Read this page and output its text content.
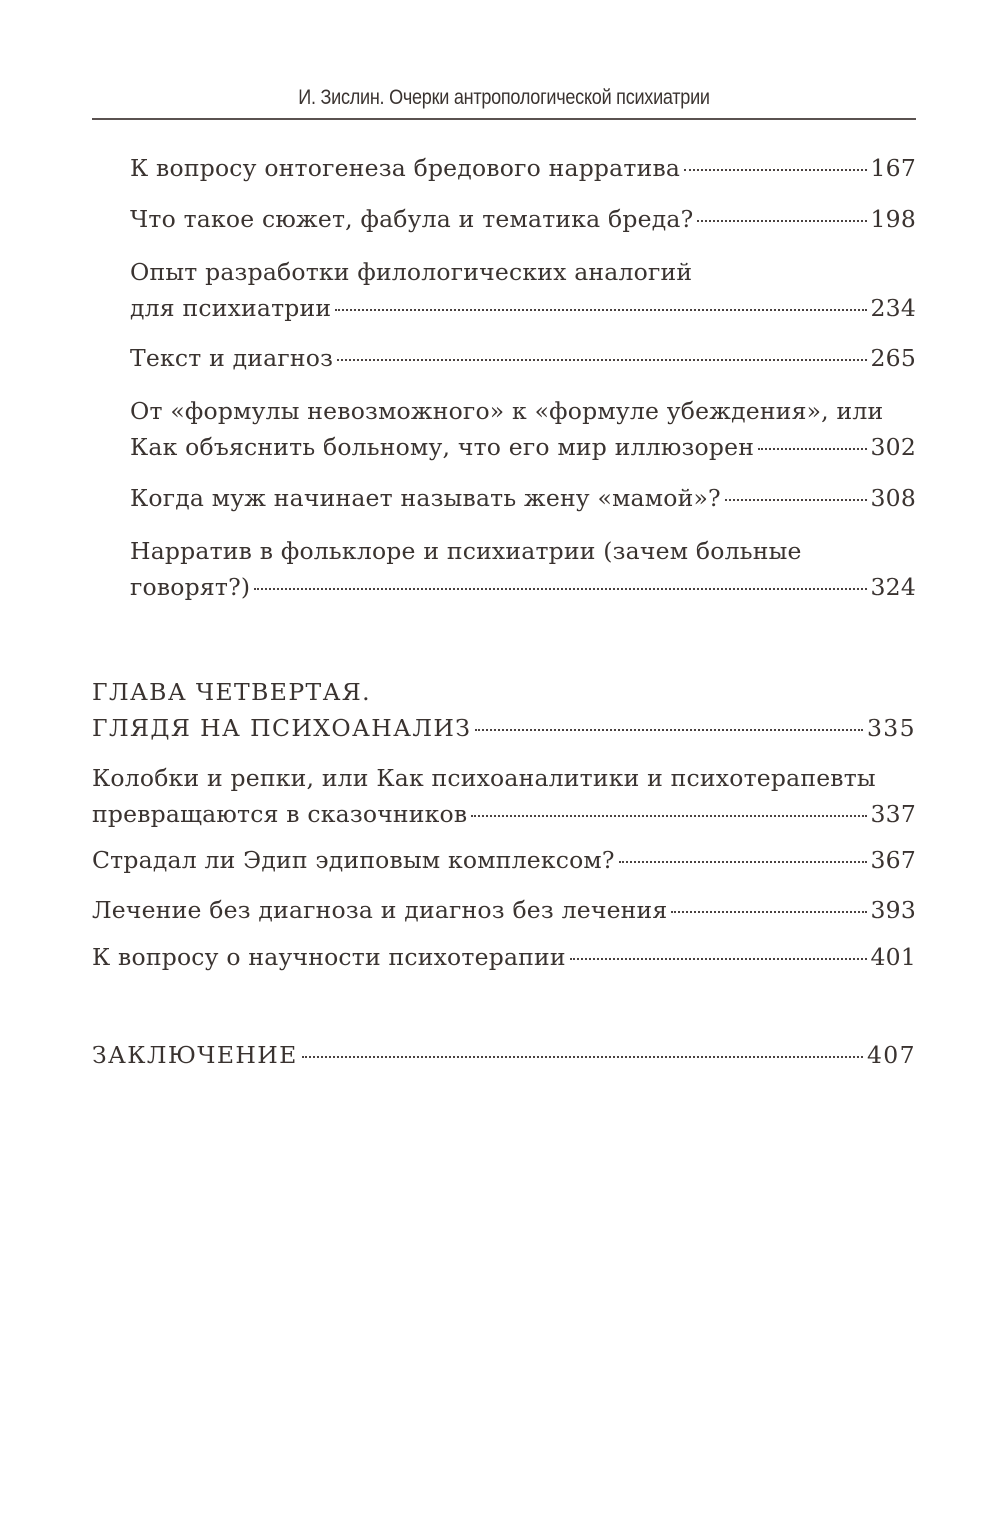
И. Зислин. Очерки антропологической психиатрии
К вопросу онтогенеза бредового нарратива	167
Что такое сюжет, фабула и тематика бреда?	198
Опыт разработки филологических аналогий
для психиатрии	234
Текст и диагноз	265
От «формулы невозможного» к «формуле убеждения», или
Как объяснить больному, что его мир иллюзорен	302
Когда муж начинает называть жену «мамой»?	308
Нарратив в фольклоре и психиатрии (зачем больные
говорят?)	324
ГЛАВА ЧЕТВЕРТАЯ.
ГЛЯДЯ НА ПСИХОАНАЛИЗ	335
Колобки и репки, или Как психоаналитики и психотерапевты
превращаются в сказочников	337
Страдал ли Эдип эдиповым комплексом?	367
Лечение без диагноза и диагноз без лечения	393
К вопросу о научности психотерапии	401
ЗАКЛЮЧЕНИЕ	407
